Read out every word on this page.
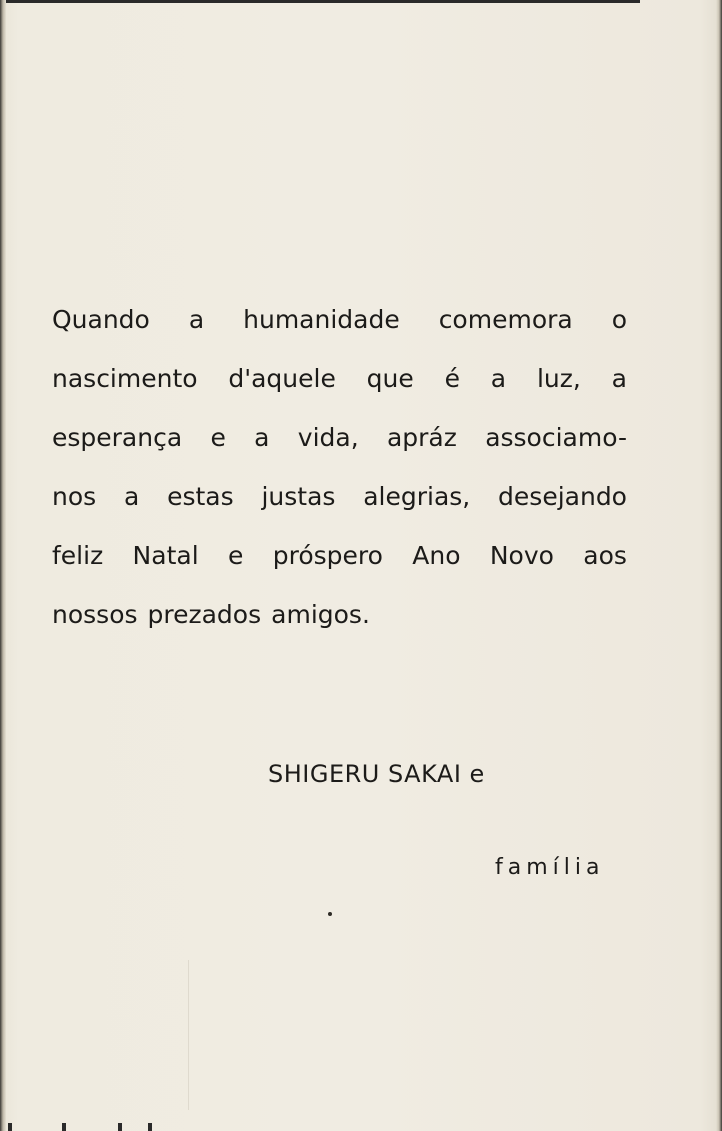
Quando a humanidade comemora o
nascimento d'aquele que é a luz, a
esperança e a vida, apráz associamo-
nos a estas justas alegrias, desejando
feliz Natal e próspero Ano Novo aos
nossos prezados amigos.
SHIGERU SAKAI e
família
